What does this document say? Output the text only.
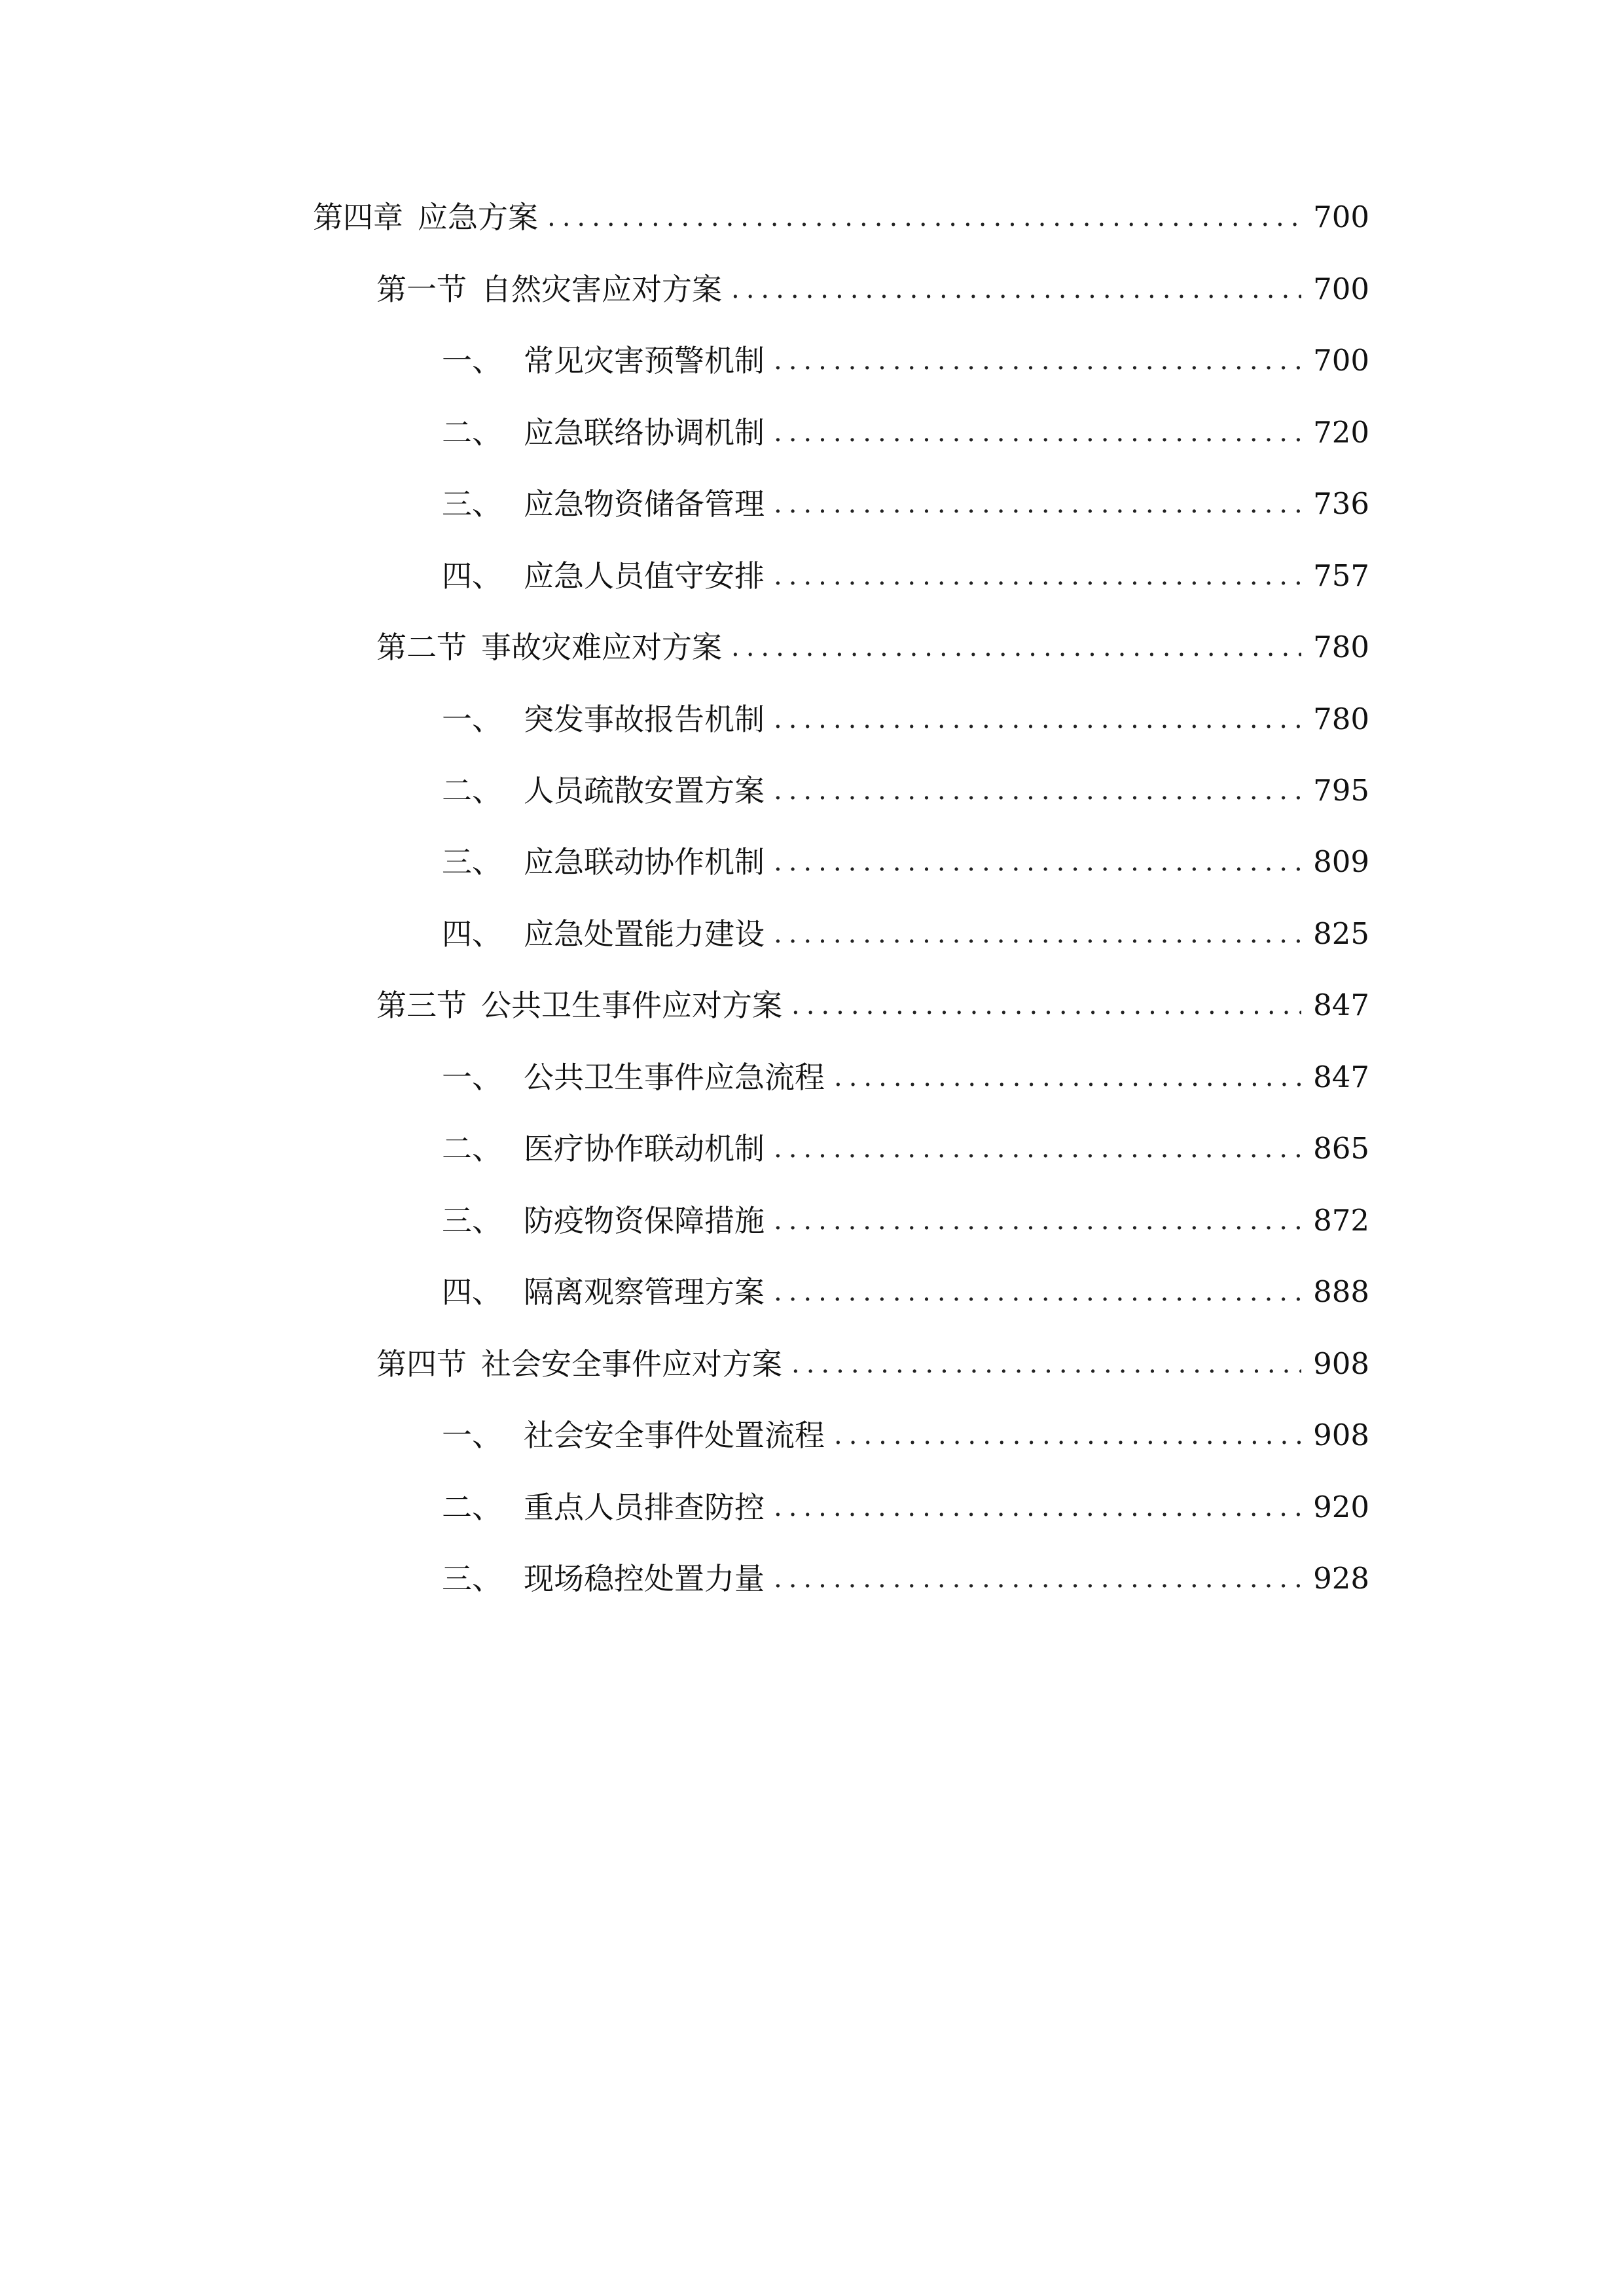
第四章 应急方案 .....	700
第一节 自然灾害应对方案 .....	700
一、 常见灾害预警机制 .....	700
二、 应急联络协调机制 .....	720
三、 应急物资储备管理 .....	736
四、 应急人员值守安排 .....	757
第二节 事故灾难应对方案 .....	780
一、 突发事故报告机制 .....	780
二、 人员疏散安置方案 .....	795
三、 应急联动协作机制 .....	809
四、 应急处置能力建设 .....	825
第三节 公共卫生事件应对方案 .....	847
一、 公共卫生事件应急流程 .....	847
二、 医疗协作联动机制 .....	865
三、 防疫物资保障措施 .....	872
四、 隔离观察管理方案 .....	888
第四节 社会安全事件应对方案 .....	908
一、 社会安全事件处置流程 .....	908
二、 重点人员排查防控 .....	920
三、 现场稳控处置力量 .....	928
